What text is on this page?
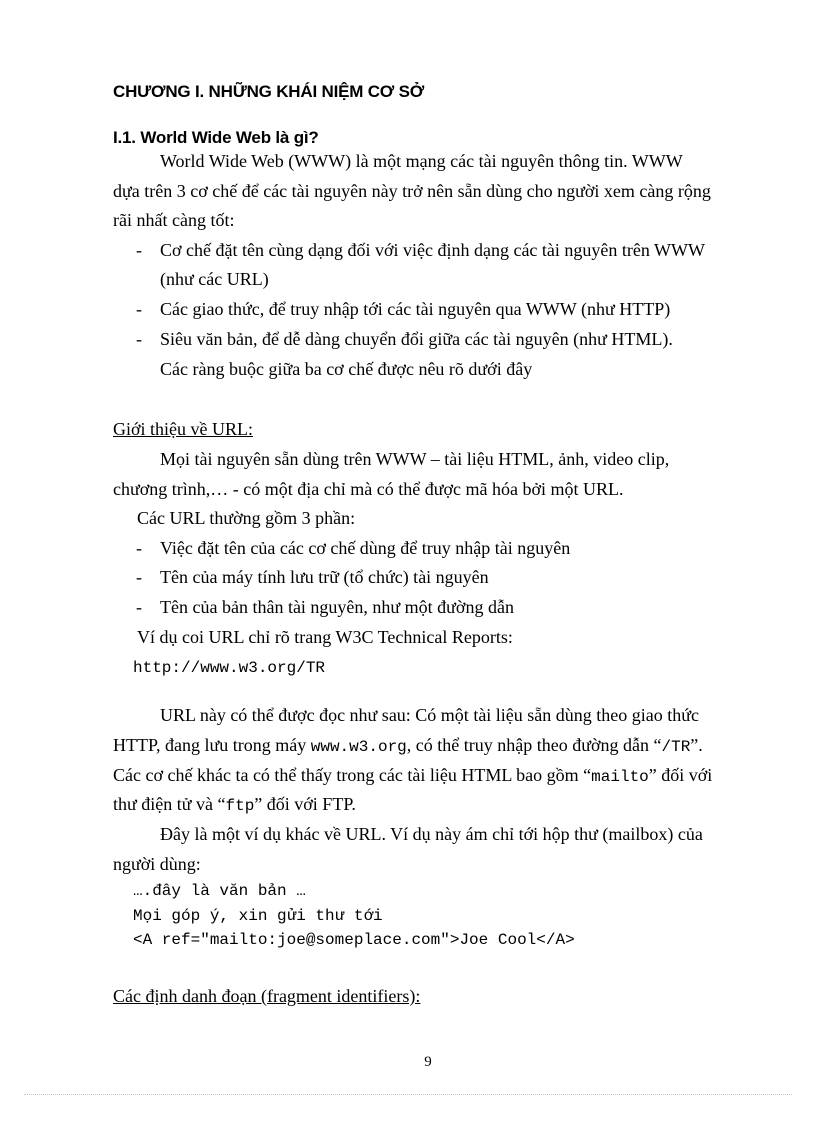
CHƯƠNG I. NHỮNG KHÁI NIỆM CƠ SỞ
I.1. World Wide Web là gì?
World Wide Web (WWW) là một mạng các tài nguyên thông tin. WWW
dựa trên 3 cơ chế để các tài nguyên này trở nên sẵn dùng cho người xem càng rộng
rãi nhất càng tốt:
- Cơ chế đặt tên cùng dạng đối với việc định dạng các tài nguyên trên WWW
(như các URL)
- Các giao thức, để truy nhập tới các tài nguyên qua WWW (như HTTP)
- Siêu văn bản, để dễ dàng chuyển đổi giữa các tài nguyên (như HTML).
Các ràng buộc giữa ba cơ chế được nêu rõ dưới đây
Giới thiệu về URL:
Mọi tài nguyên sẵn dùng trên WWW – tài liệu HTML, ảnh, video clip,
chương trình,… - có một địa chỉ mà có thể được mã hóa bởi một URL.
Các URL thường gồm 3 phần:
- Việc đặt tên của các cơ chế dùng để truy nhập tài nguyên
- Tên của máy tính lưu trữ (tổ chức) tài nguyên
- Tên của bản thân tài nguyên, như một đường dẫn
Ví dụ coi URL chỉ rõ trang W3C Technical Reports:
http://www.w3.org/TR
URL này có thể được đọc như sau: Có một tài liệu sẵn dùng theo giao thức
HTTP, đang lưu trong máy www.w3.org, có thể truy nhập theo đường dẫn “/TR”.
Các cơ chế khác ta có thể thấy trong các tài liệu HTML bao gồm “mailto” đối với
thư điện tử và “ftp” đối với FTP.
Đây là một ví dụ khác về URL. Ví dụ này ám chỉ tới hộp thư (mailbox) của
người dùng:
….đây là văn bản …
Mọi góp ý, xin gửi thư tới
<A ref="mailto:joe@someplace.com">Joe Cool</A>
Các định danh đoạn (fragment identifiers):
9
